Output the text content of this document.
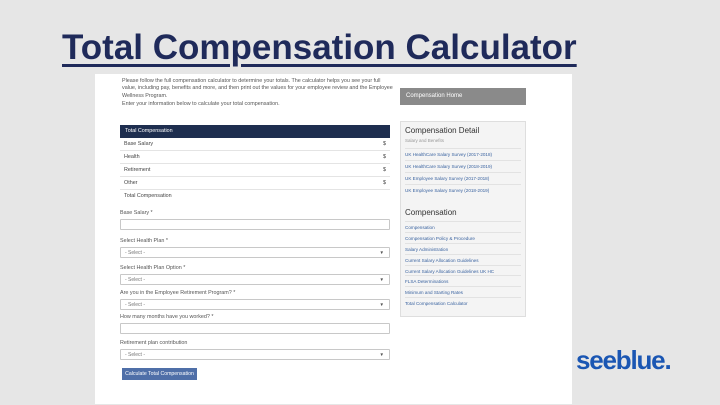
Total Compensation Calculator

Please follow the full compensation calculator to determine your totals. The calculator helps you see your full value, including pay, benefits and more, and then print out the values for your employee review and the Employee Wellness Program.

Enter your information below to calculate your total compensation.

Total Compensation
Base Salary	$
Health	$
Retirement	$
Other	$
Total Compensation
Base Salary *
Select Health Plan *
- Select -	▼
Select Health Plan Option *
- Select -	▼
Are you in the Employee Retirement Program? *
- Select -	▼
How many months have you worked? *
Retirement plan contribution
- Select -	▼
Calculate Total Compensation
Compensation Home
Compensation Detail
Salary and Benefits
UK HealthCare Salary Survey (2017-2018)
UK HealthCare Salary Survey (2018-2019)
UK Employee Salary Survey (2017-2018)
UK Employee Salary Survey (2018-2019)
Compensation
Compensation
Compensation Policy & Procedure
Salary Administration
Current Salary Allocation Guidelines
Current Salary Allocation Guidelines UK HC
FLSA Determinations
Minimum and Starting Rates
Total Compensation Calculator
seeblue.
